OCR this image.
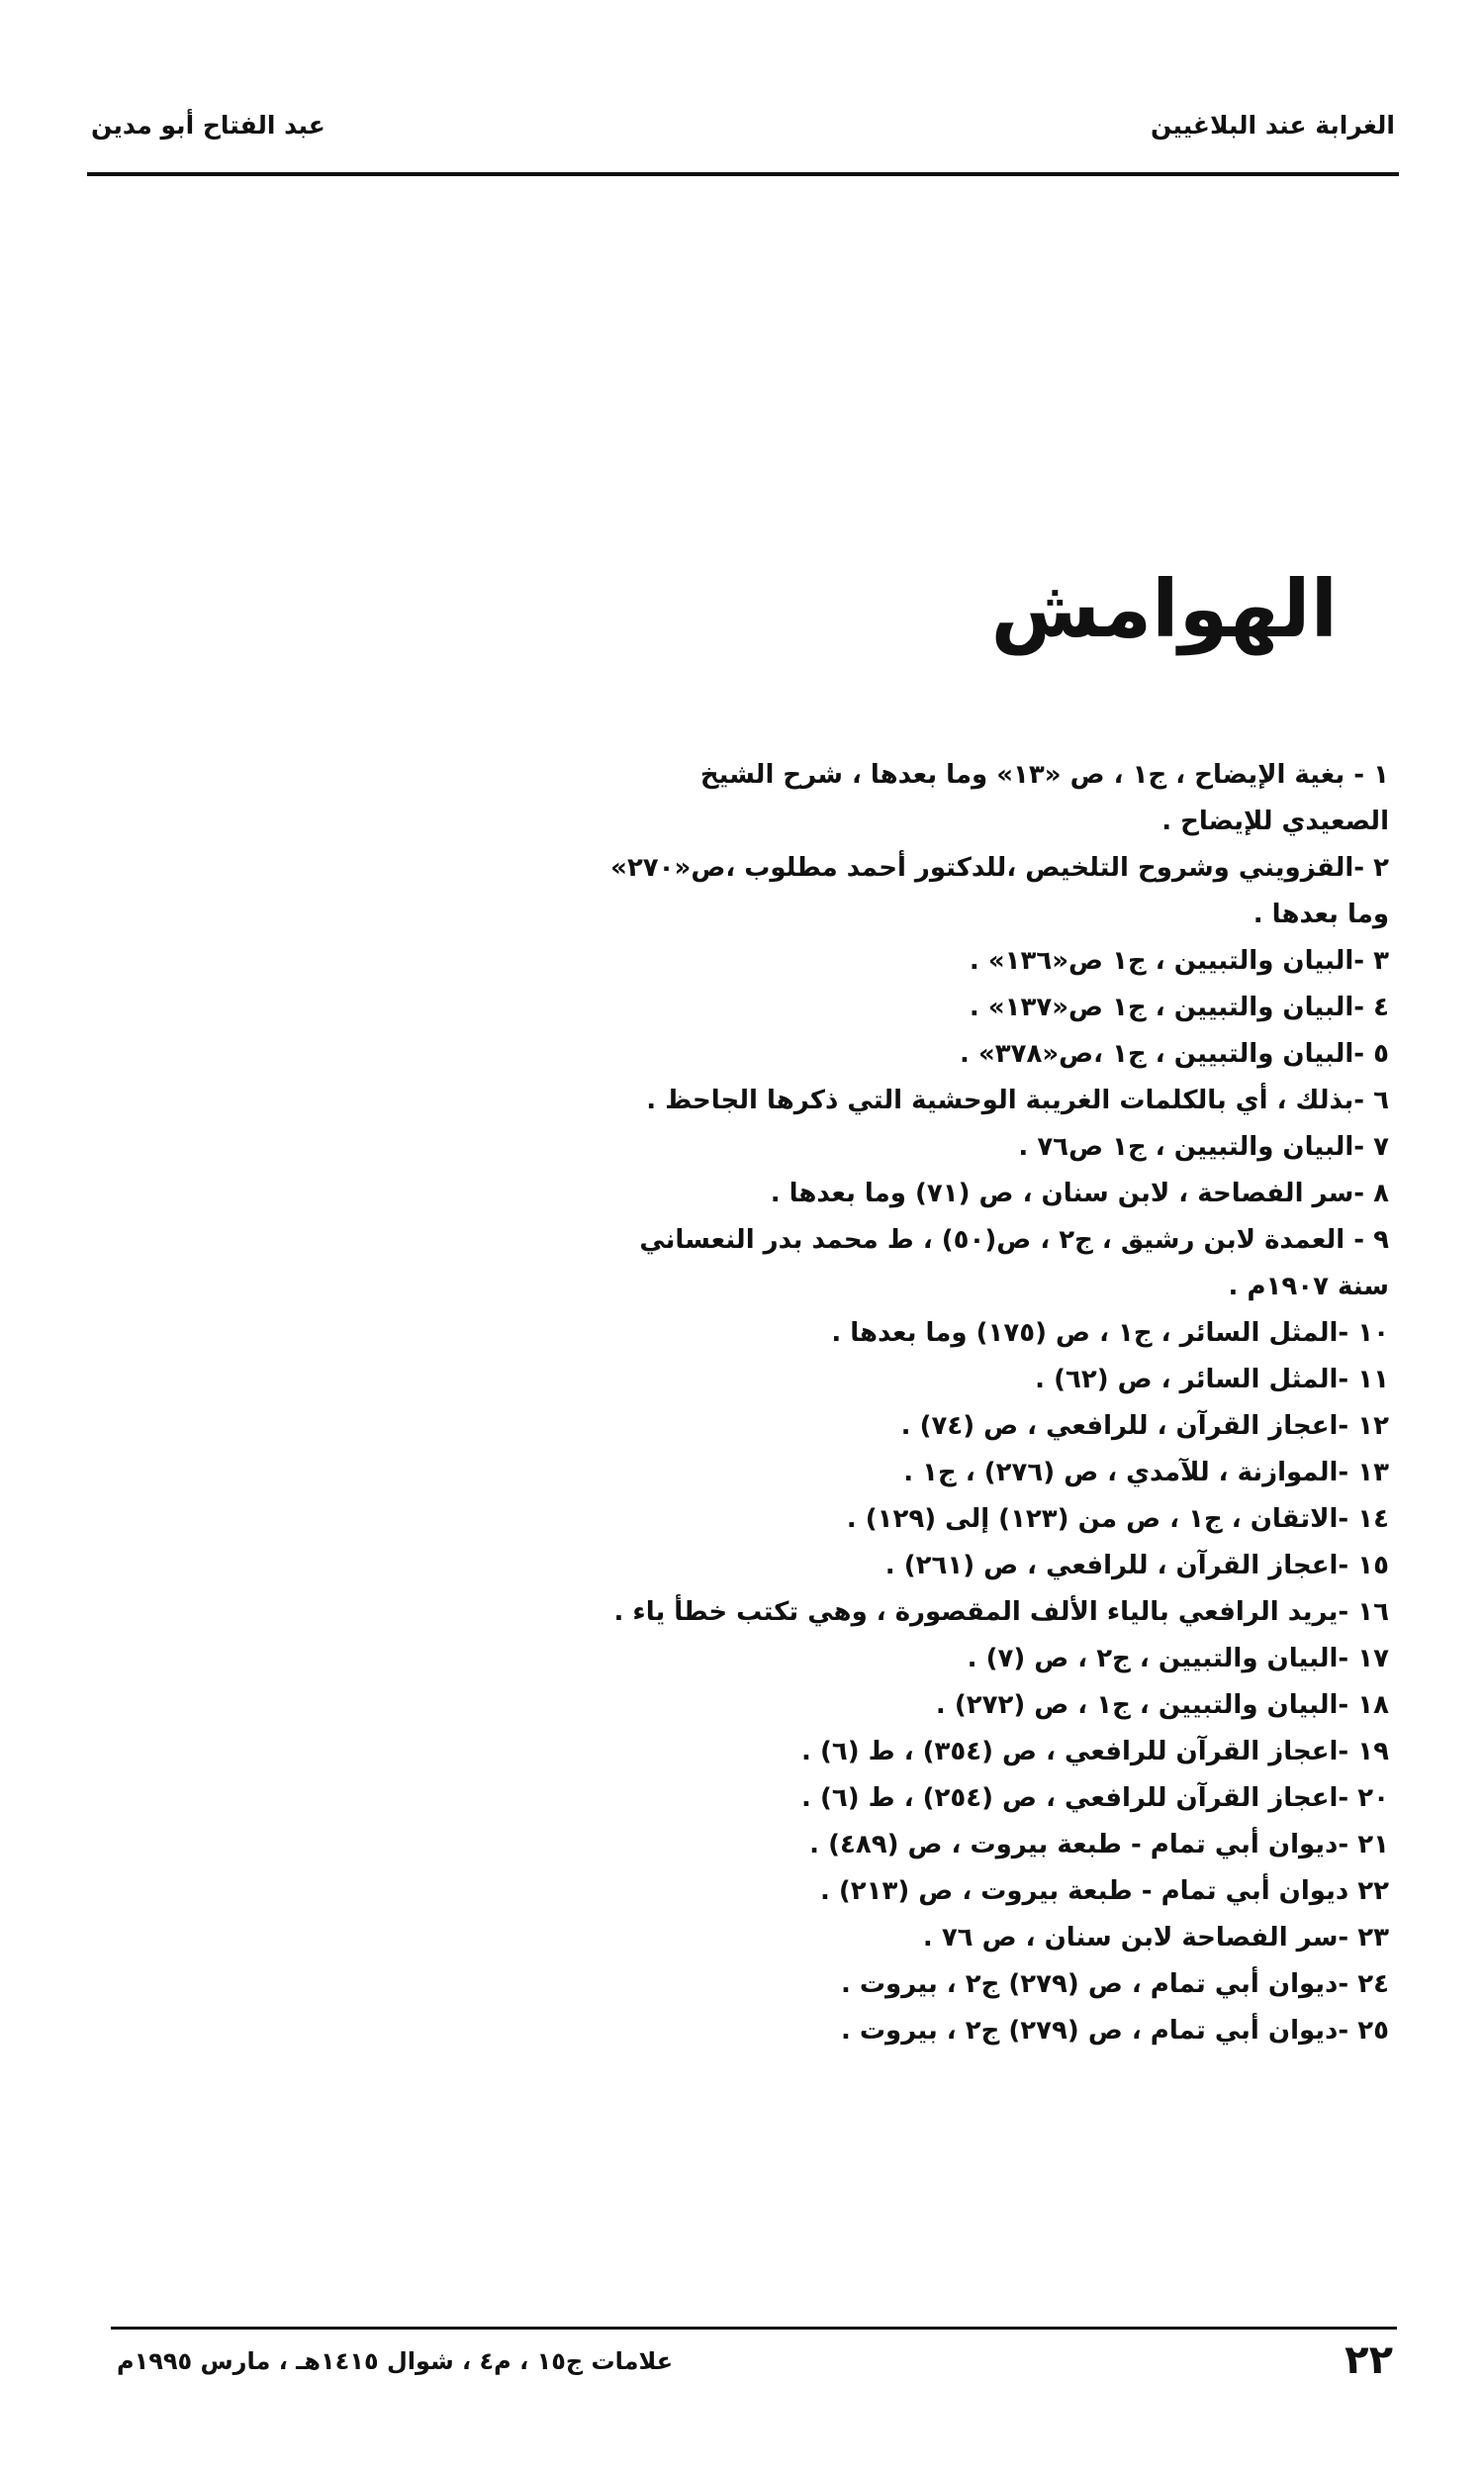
الغرابة عند البلاغيين
عبد الفتاح أبو مدين
الهوامش
١ - بغية الإيضاح ، ج١ ، ص «١٣» وما بعدها ، شرح الشيخ الصعيدي للإيضاح .
٢ -القزويني وشروح التلخيص ،للدكتور أحمد مطلوب ،ص«٢٧٠» وما بعدها .
٣ -البيان والتبيين ، ج١ ص«١٣٦» .
٤ -البيان والتبيين ، ج١ ص«١٣٧» .
٥ -البيان والتبيين ، ج١ ،ص«٣٧٨» .
٦ -بذلك ، أي بالكلمات الغريبة الوحشية التي ذكرها الجاحظ .
٧ -البيان والتبيين ، ج١ ص٧٦ .
٨ -سر الفصاحة ، لابن سنان ، ص (٧١) وما بعدها .
٩ - العمدة لابن رشيق ، ج٢ ، ص(٥٠) ، ط محمد بدر النعساني سنة ١٩٠٧م .
١٠ -المثل السائر ، ج١ ، ص (١٧٥) وما بعدها .
١١ -المثل السائر ، ص (٦٢) .
١٢ -اعجاز القرآن ، للرافعي ، ص (٧٤) .
١٣ -الموازنة ، للآمدي ، ص (٢٧٦) ، ج١ .
١٤ -الاتقان ، ج١ ، ص من (١٢٣) إلى (١٢٩) .
١٥ -اعجاز القرآن ، للرافعي ، ص (٢٦١) .
١٦ -يريد الرافعي بالياء الألف المقصورة ، وهي تكتب خطأ ياء .
١٧ -البيان والتبيين ، ج٢ ، ص (٧) .
١٨ -البيان والتبيين ، ج١ ، ص (٢٧٢) .
١٩ -اعجاز القرآن للرافعي ، ص (٣٥٤) ، ط (٦) .
٢٠ -اعجاز القرآن للرافعي ، ص (٢٥٤) ، ط (٦) .
٢١ -ديوان أبي تمام - طبعة بيروت ، ص (٤٨٩) .
٢٢ ديوان أبي تمام - طبعة بيروت ، ص (٢١٣) .
٢٣ -سر الفصاحة لابن سنان ، ص ٧٦ .
٢٤ -ديوان أبي تمام ، ص (٢٧٩) ج٢ ، بيروت .
٢٥ -ديوان أبي تمام ، ص (٢٧٩) ج٢ ، بيروت .
علامات ج١٥ ، م٤ ، شوال ١٤١٥هـ ، مارس ١٩٩٥م	٢٢
